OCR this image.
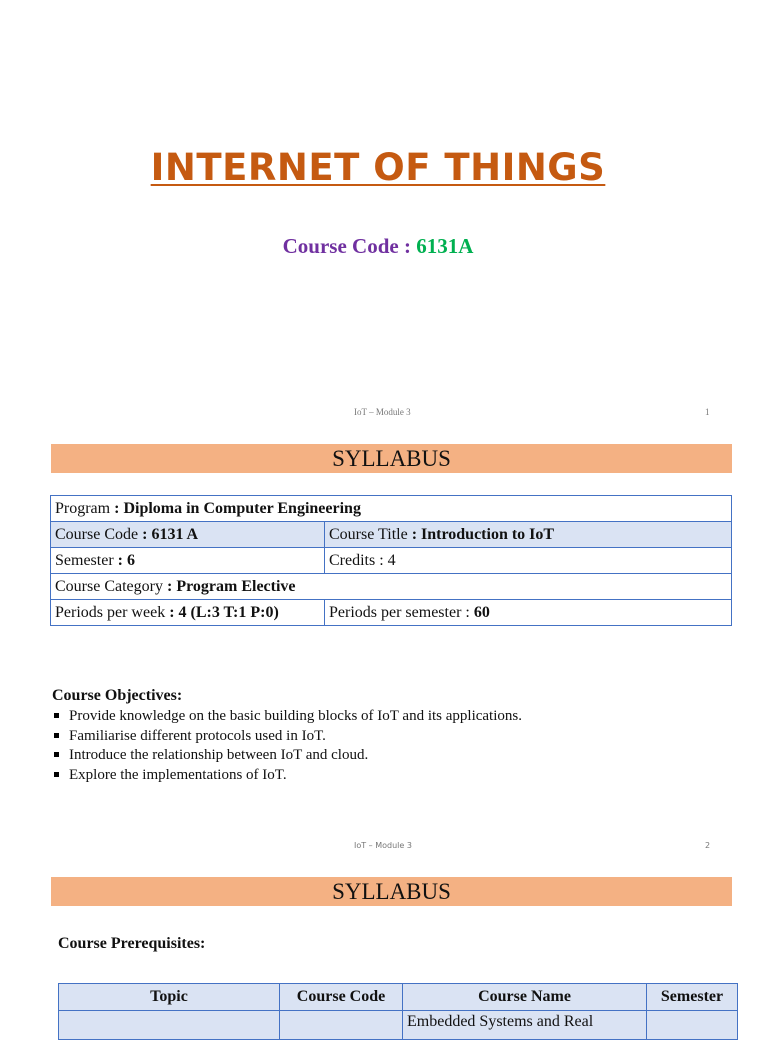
INTERNET OF THINGS
Course Code : 6131A
IoT – Module 3	1
SYLLABUS
Program : Diploma in Computer Engineering	
Course Code : 6131 A	Course Title : Introduction to IoT
Semester : 6	Credits : 4
Course Category : Program Elective	
Periods per week : 4 (L:3 T:1 P:0)	Periods per semester : 60
Course Objectives:
Provide knowledge on the basic building blocks of IoT and its applications.
Familiarise different protocols used in IoT.
Introduce the relationship between IoT and cloud.
Explore the implementations of IoT.
IoT – Module 3	2
SYLLABUS
Course Prerequisites:
Topic	Course Code	Course Name	Semester
		Embedded Systems and Real	
